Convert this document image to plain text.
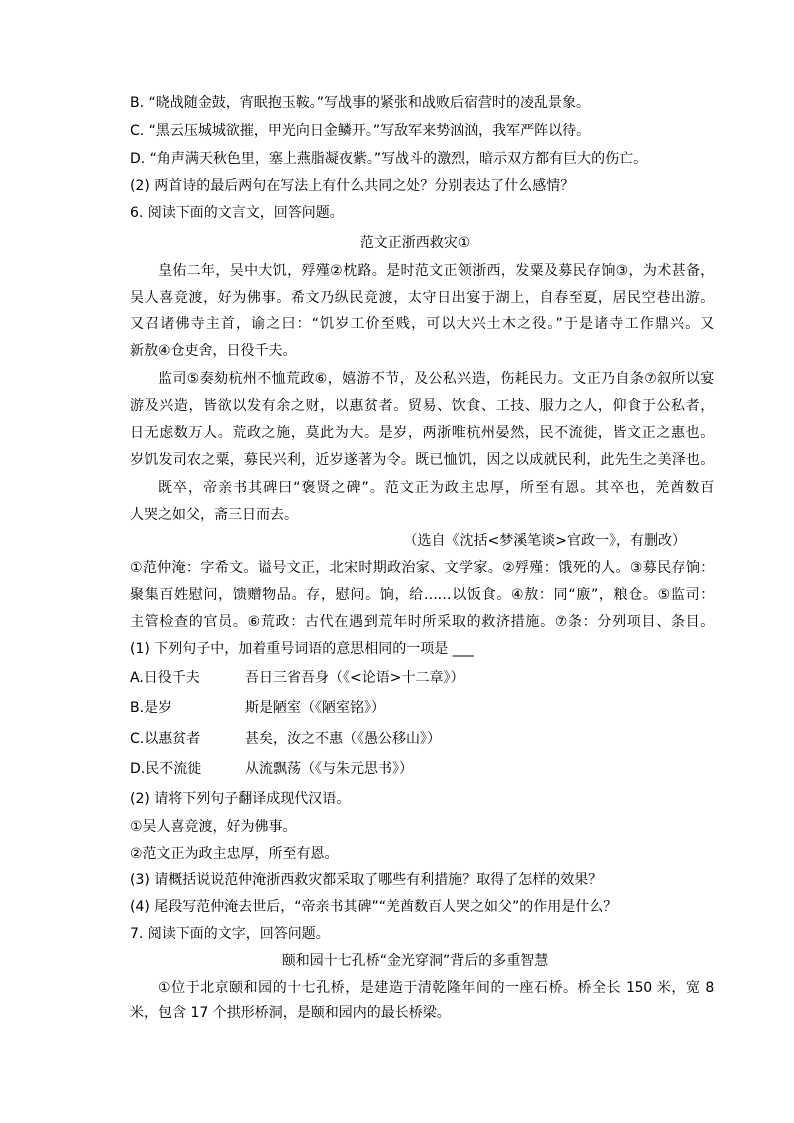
B. “晓战随金鼓，宵眠抱玉鞍。”写战事的紧张和战败后宿营时的凌乱景象。
C. “黑云压城城欲摧，甲光向日金鳞开。”写敌军来势汹汹，我军严阵以待。
D. “角声满天秋色里，塞上燕脂凝夜紫。”写战斗的激烈，暗示双方都有巨大的伤亡。
(2) 两首诗的最后两句在写法上有什么共同之处？分别表达了什么感情？
6. 阅读下面的文言文，回答问题。
范文正浙西救灾①
皇佑二年，吴中大饥，殍殣②枕路。是时范文正领浙西，发粟及募民存饷③，为术甚备，
吴人喜竞渡，好为佛事。希文乃纵民竞渡，太守日出宴于湖上，自春至夏，居民空巷出游。
又召诸佛寺主首，谕之曰：“饥岁工价至贱，可以大兴土木之役。”于是诸寺工作鼎兴。又
新敖④仓吏舍，日役千夫。
监司⑤奏劾杭州不恤荒政⑥，嬉游不节，及公私兴造，伤耗民力。文正乃自条⑦叙所以宴
游及兴造，皆欲以发有余之财，以惠贫者。贸易、饮食、工技、服力之人，仰食于公私者，
日无虑数万人。荒政之施，莫此为大。是岁，两浙唯杭州晏然，民不流徙，皆文正之惠也。
岁饥发司农之粟，募民兴利，近岁遂著为令。既已恤饥，因之以成就民利，此先生之美泽也。
既卒，帝亲书其碑曰“褒贤之碑”。范文正为政主忠厚，所至有恩。其卒也，羌酋数百
人哭之如父，斋三日而去。
（选自《沈括<梦溪笔谈>官政一》，有删改）
①范仲淹：字希文。谥号文正，北宋时期政治家、文学家。②殍殣：饿死的人。③募民存饷：
聚集百姓慰问，馈赠物品。存，慰问。饷，给……以饭食。④敖：同“廒”，粮仓。⑤监司：
主管检查的官员。⑥荒政：古代在遇到荒年时所采取的救济措施。⑦条：分列项目、条目。
(1) 下列句子中，加着重号词语的意思相同的一项是 ___
A.日役千夫	吾日三省吾身（《<论语>十二章》）
B.是岁	斯是陋室（《陋室铭》）
C.以惠贫者	甚矣，汝之不惠（《愚公移山》）
D.民不流徙	从流飘荡（《与朱元思书》）
(2) 请将下列句子翻译成现代汉语。
①吴人喜竞渡，好为佛事。
②范文正为政主忠厚，所至有恩。
(3) 请概括说说范仲淹浙西救灾都采取了哪些有利措施？取得了怎样的效果？
(4) 尾段写范仲淹去世后，“帝亲书其碑”“羌酋数百人哭之如父”的作用是什么？
7. 阅读下面的文字，回答问题。
颐和园十七孔桥“金光穿洞”背后的多重智慧
①位于北京颐和园的十七孔桥，是建造于清乾隆年间的一座石桥。桥全长 150 米，宽 8
米，包含 17 个拱形桥洞，是颐和园内的最长桥梁。
